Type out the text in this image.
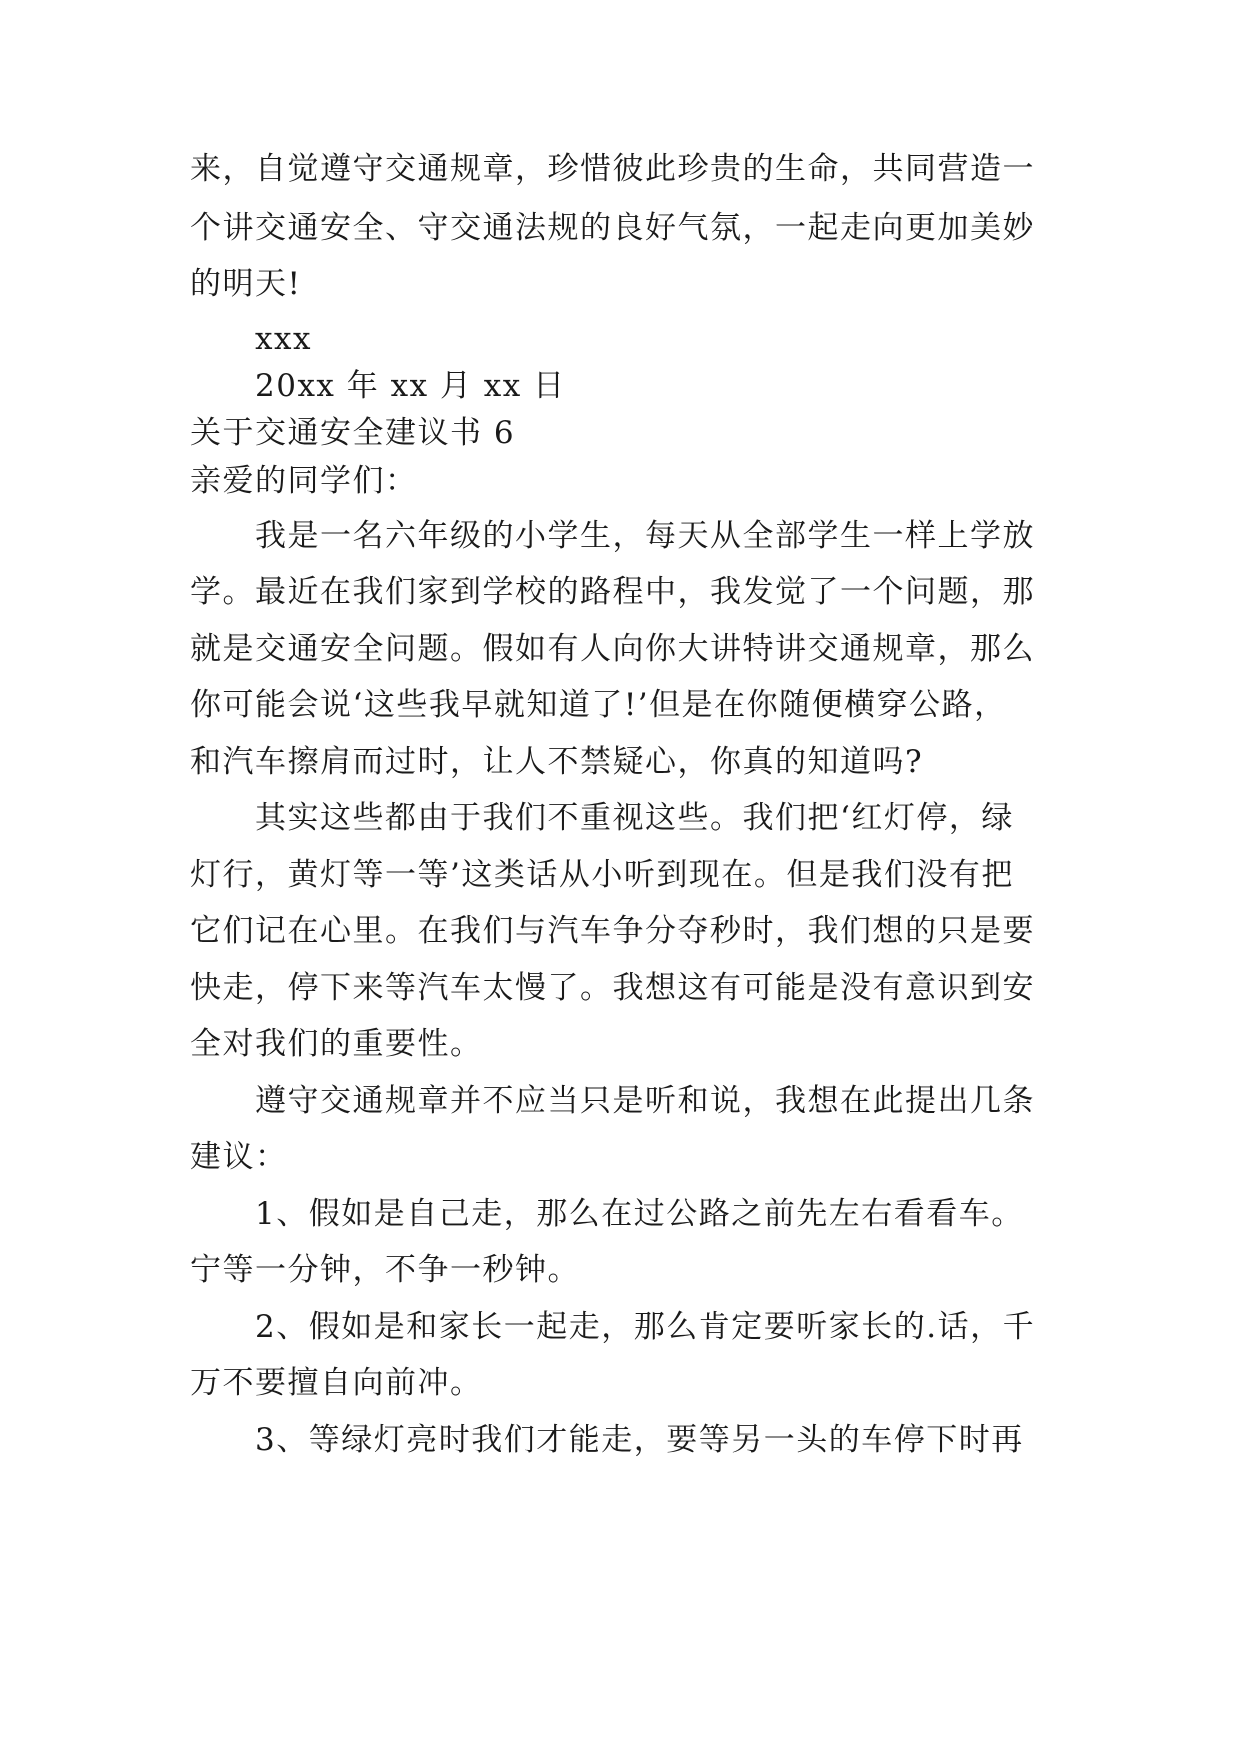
来，自觉遵守交通规章，珍惜彼此珍贵的生命，共同营造一
个讲交通安全、守交通法规的良好气氛，一起走向更加美妙
的明天!
xxx
20xx 年 xx 月 xx 日
关于交通安全建议书 6
亲爱的同学们：
我是一名六年级的小学生，每天从全部学生一样上学放
学。最近在我们家到学校的路程中，我发觉了一个问题，那
就是交通安全问题。假如有人向你大讲特讲交通规章，那么
你可能会说‘这些我早就知道了!’但是在你随便横穿公路，
和汽车擦肩而过时，让人不禁疑心，你真的知道吗?
其实这些都由于我们不重视这些。我们把‘红灯停，绿
灯行，黄灯等一等’这类话从小听到现在。但是我们没有把
它们记在心里。在我们与汽车争分夺秒时，我们想的只是要
快走，停下来等汽车太慢了。我想这有可能是没有意识到安
全对我们的重要性。
遵守交通规章并不应当只是听和说，我想在此提出几条
建议：
1、假如是自己走，那么在过公路之前先左右看看车。
宁等一分钟，不争一秒钟。
2、假如是和家长一起走，那么肯定要听家长的.话，千
万不要擅自向前冲。
3、等绿灯亮时我们才能走，要等另一头的车停下时再
